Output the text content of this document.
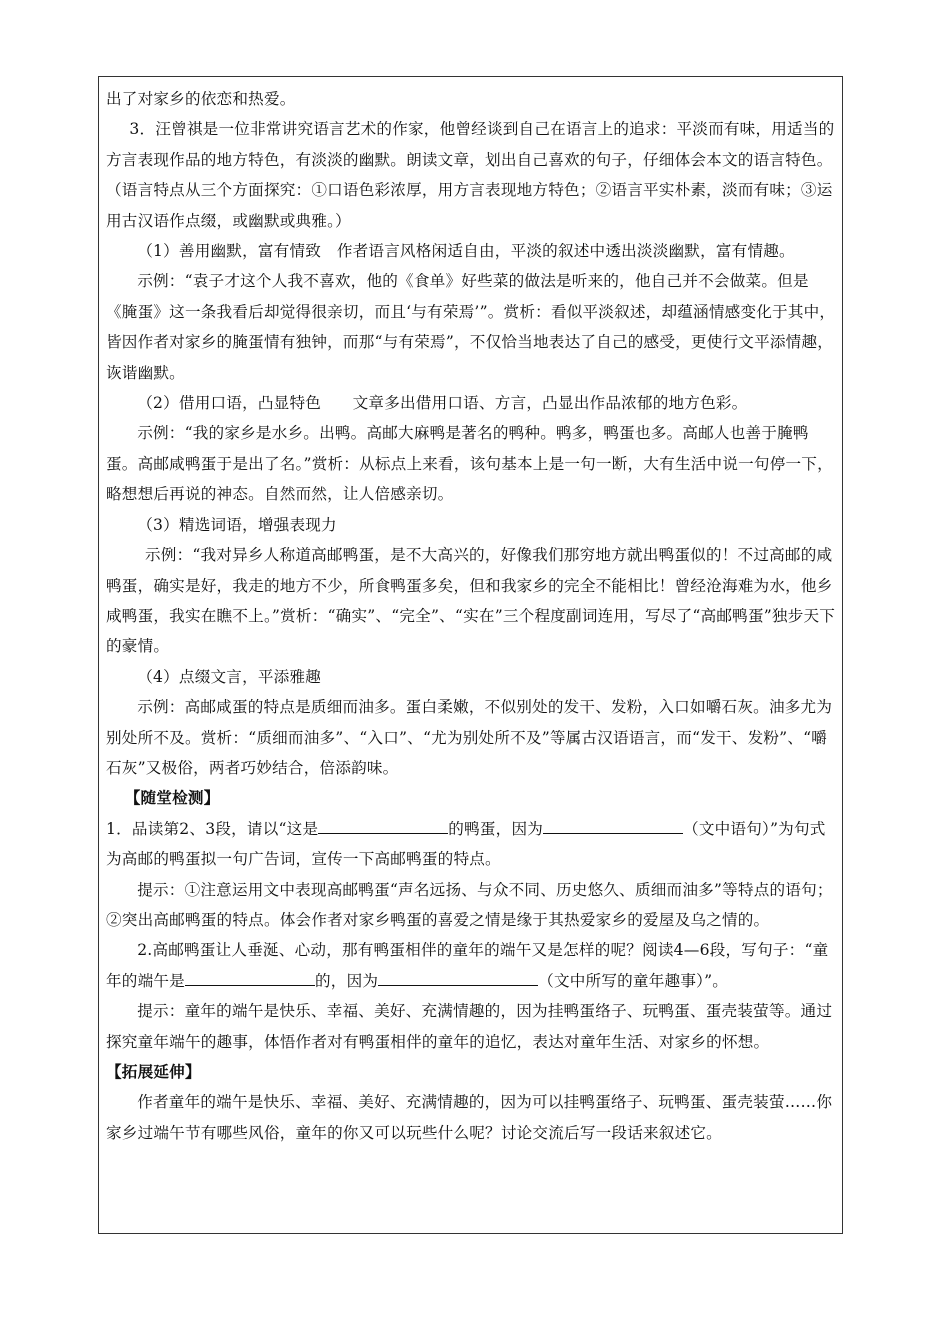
出了对家乡的依恋和热爱。

3．汪曾祺是一位非常讲究语言艺术的作家，他曾经谈到自己在语言上的追求：平淡而有味，用适当的方言表现作品的地方特色，有淡淡的幽默。朗读文章，划出自己喜欢的句子，仔细体会本文的语言特色。（语言特点从三个方面探究：①口语色彩浓厚，用方言表现地方特色；②语言平实朴素，淡而有味；③运用古汉语作点缀，或幽默或典雅。）

（1）善用幽默，富有情致　作者语言风格闲适自由，平淡的叙述中透出淡淡幽默，富有情趣。

示例：“袁子才这个人我不喜欢，他的《食单》好些菜的做法是听来的，他自己并不会做菜。但是《腌蛋》这一条我看后却觉得很亲切，而且‘与有荣焉’”。赏析：看似平淡叙述，却蕴涵情感变化于其中，皆因作者对家乡的腌蛋情有独钟，而那“与有荣焉”，不仅恰当地表达了自己的感受，更使行文平添情趣，诙谐幽默。

（2）借用口语，凸显特色　　文章多出借用口语、方言，凸显出作品浓郁的地方色彩。

示例：“我的家乡是水乡。出鸭。高邮大麻鸭是著名的鸭种。鸭多，鸭蛋也多。高邮人也善于腌鸭蛋。高邮咸鸭蛋于是出了名。”赏析：从标点上来看，该句基本上是一句一断，大有生活中说一句停一下，略想想后再说的神态。自然而然，让人倍感亲切。

（3）精选词语，增强表现力

示例：“我对异乡人称道高邮鸭蛋，是不大高兴的，好像我们那穷地方就出鸭蛋似的！不过高邮的咸鸭蛋，确实是好，我走的地方不少，所食鸭蛋多矣，但和我家乡的完全不能相比！曾经沧海难为水，他乡咸鸭蛋，我实在瞧不上。”赏析：“确实”、“完全”、“实在”三个程度副词连用，写尽了“高邮鸭蛋”独步天下的豪情。

（4）点缀文言，平添雅趣

示例：高邮咸蛋的特点是质细而油多。蛋白柔嫩，不似别处的发干、发粉，入口如嚼石灰。油多尤为别处所不及。赏析：“质细而油多”、“入口”、“尤为别处所不及”等属古汉语语言，而“发干、发粉”、“嚼石灰”又极俗，两者巧妙结合，倍添韵味。

【随堂检测】

1．品读第2、3段，请以“这是	的鸭蛋，因为	（文中语句）”为句式为高邮的鸭蛋拟一句广告词，宣传一下高邮鸭蛋的特点。

提示：①注意运用文中表现高邮鸭蛋“声名远扬、与众不同、历史悠久、质细而油多”等特点的语句；②突出高邮鸭蛋的特点。体会作者对家乡鸭蛋的喜爱之情是缘于其热爱家乡的爱屋及乌之情的。

2.高邮鸭蛋让人垂涎、心动，那有鸭蛋相伴的童年的端午又是怎样的呢？阅读4—6段，写句子：“童年的端午是	的，因为	（文中所写的童年趣事）”。

提示：童年的端午是快乐、幸福、美好、充满情趣的，因为挂鸭蛋络子、玩鸭蛋、蛋壳装萤等。通过探究童年端午的趣事，体悟作者对有鸭蛋相伴的童年的追忆，表达对童年生活、对家乡的怀想。

【拓展延伸】

作者童年的端午是快乐、幸福、美好、充满情趣的，因为可以挂鸭蛋络子、玩鸭蛋、蛋壳装萤……你家乡过端午节有哪些风俗，童年的你又可以玩些什么呢？讨论交流后写一段话来叙述它。
